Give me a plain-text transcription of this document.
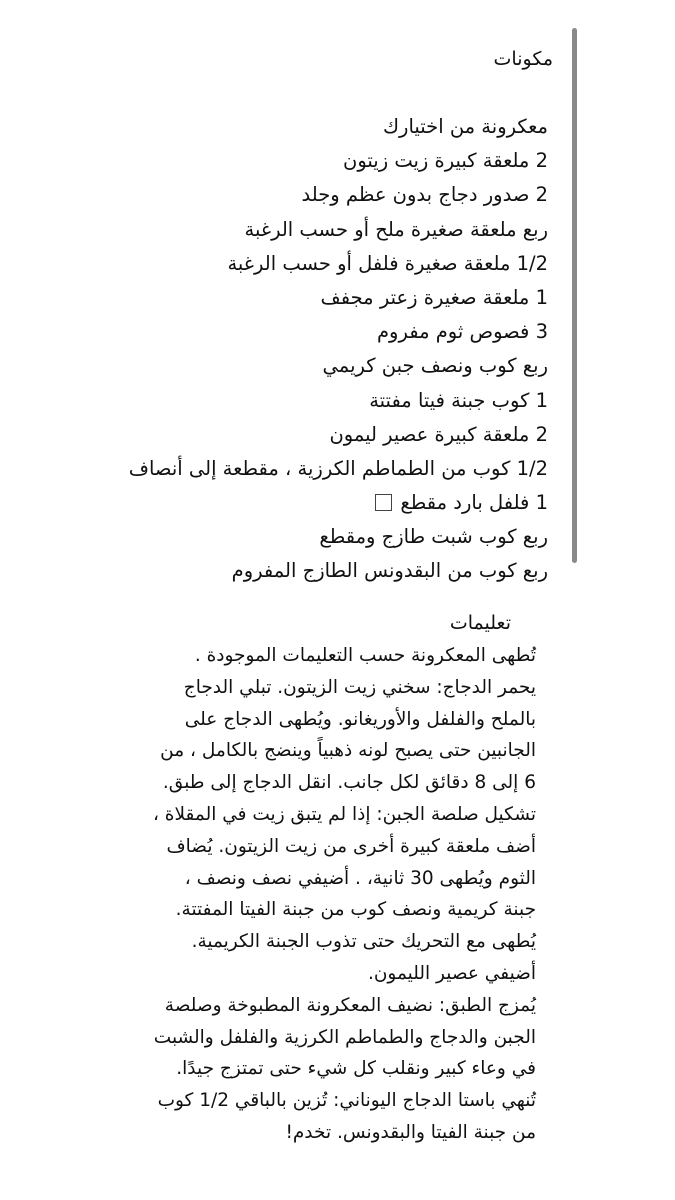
مكونات
معكرونة من اختيارك
2 ملعقة كبيرة زيت زيتون
2 صدور دجاج بدون عظم وجلد
ربع ملعقة صغيرة ملح أو حسب الرغبة
1/2 ملعقة صغيرة فلفل أو حسب الرغبة
1 ملعقة صغيرة زعتر مجفف
3 فصوص ثوم مفروم
ربع كوب ونصف جبن كريمي
1 كوب جبنة فيتا مفتتة
2 ملعقة كبيرة عصير ليمون
1/2 كوب من الطماطم الكرزية ، مقطعة إلى أنصاف
1 فلفل بارد مقطع
ربع كوب شبت طازج ومقطع
ربع كوب من البقدونس الطازج المفروم
تعليمات

تُطهى المعكرونة حسب التعليمات الموجودة .

يحمر الدجاج: سخني زيت الزيتون. تبلي الدجاج

بالملح والفلفل والأوريغانو. ويُطهى الدجاج على

الجانبين حتى يصبح لونه ذهبياً وينضج بالكامل ، من

6 إلى 8 دقائق لكل جانب. انقل الدجاج إلى طبق.

تشكيل صلصة الجبن: إذا لم يتبق زيت في المقلاة ،

أضف ملعقة كبيرة أخرى من زيت الزيتون. يُضاف

الثوم ويُطهى 30 ثانية، . أضيفي نصف ونصف ،

جبنة كريمية ونصف كوب من جبنة الفيتا المفتتة.

يُطهى مع التحريك حتى تذوب الجبنة الكريمية.

أضيفي عصير الليمون.

يُمزج الطبق: نضيف المعكرونة المطبوخة وصلصة

الجبن والدجاج والطماطم الكرزية والفلفل والشبت

في وعاء كبير ونقلب كل شيء حتى تمتزج جيدًا.

تُنهي باستا الدجاج اليوناني: تُزين بالباقي 1/2 كوب

من جبنة الفيتا والبقدونس. تخدم!
